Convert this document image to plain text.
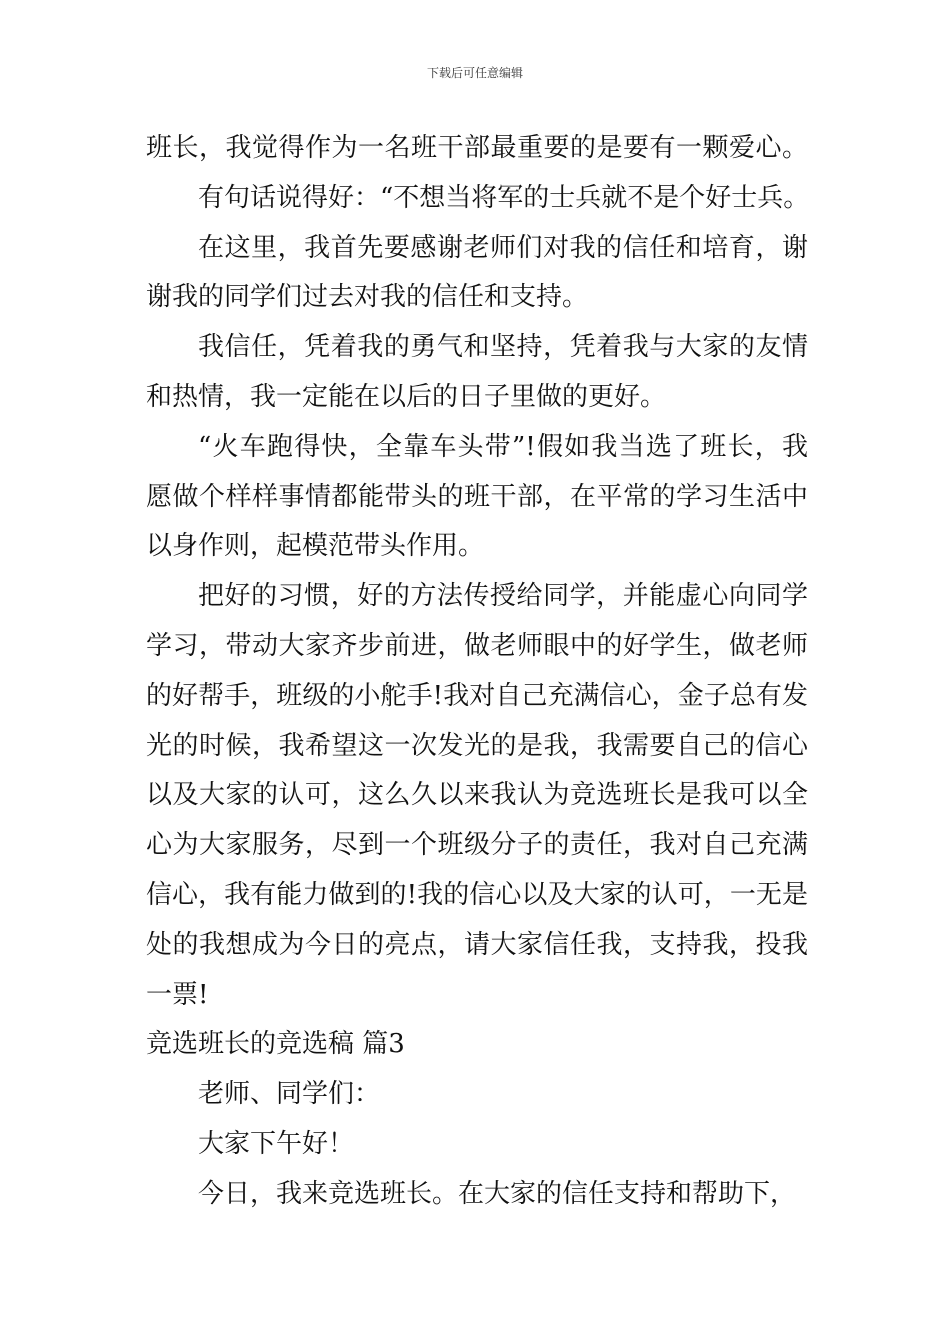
下载后可任意编辑

班长，我觉得作为一名班干部最重要的是要有一颗爱心。

有句话说得好：“不想当将军的士兵就不是个好士兵。

在这里，我首先要感谢老师们对我的信任和培育，谢

谢我的同学们过去对我的信任和支持。

我信任，凭着我的勇气和坚持，凭着我与大家的友情

和热情，我一定能在以后的日子里做的更好。

“火车跑得快，全靠车头带”!假如我当选了班长，我

愿做个样样事情都能带头的班干部，在平常的学习生活中

以身作则，起模范带头作用。

把好的习惯，好的方法传授给同学，并能虚心向同学

学习，带动大家齐步前进，做老师眼中的好学生，做老师

的好帮手，班级的小舵手!我对自己充满信心，金子总有发

光的时候，我希望这一次发光的是我，我需要自己的信心

以及大家的认可，这么久以来我认为竞选班长是我可以全

心为大家服务，尽到一个班级分子的责任，我对自己充满

信心，我有能力做到的!我的信心以及大家的认可，一无是

处的我想成为今日的亮点，请大家信任我，支持我，投我

一票!

竞选班长的竞选稿 篇3

老师、同学们：

大家下午好！

今日，我来竞选班长。在大家的信任支持和帮助下，
